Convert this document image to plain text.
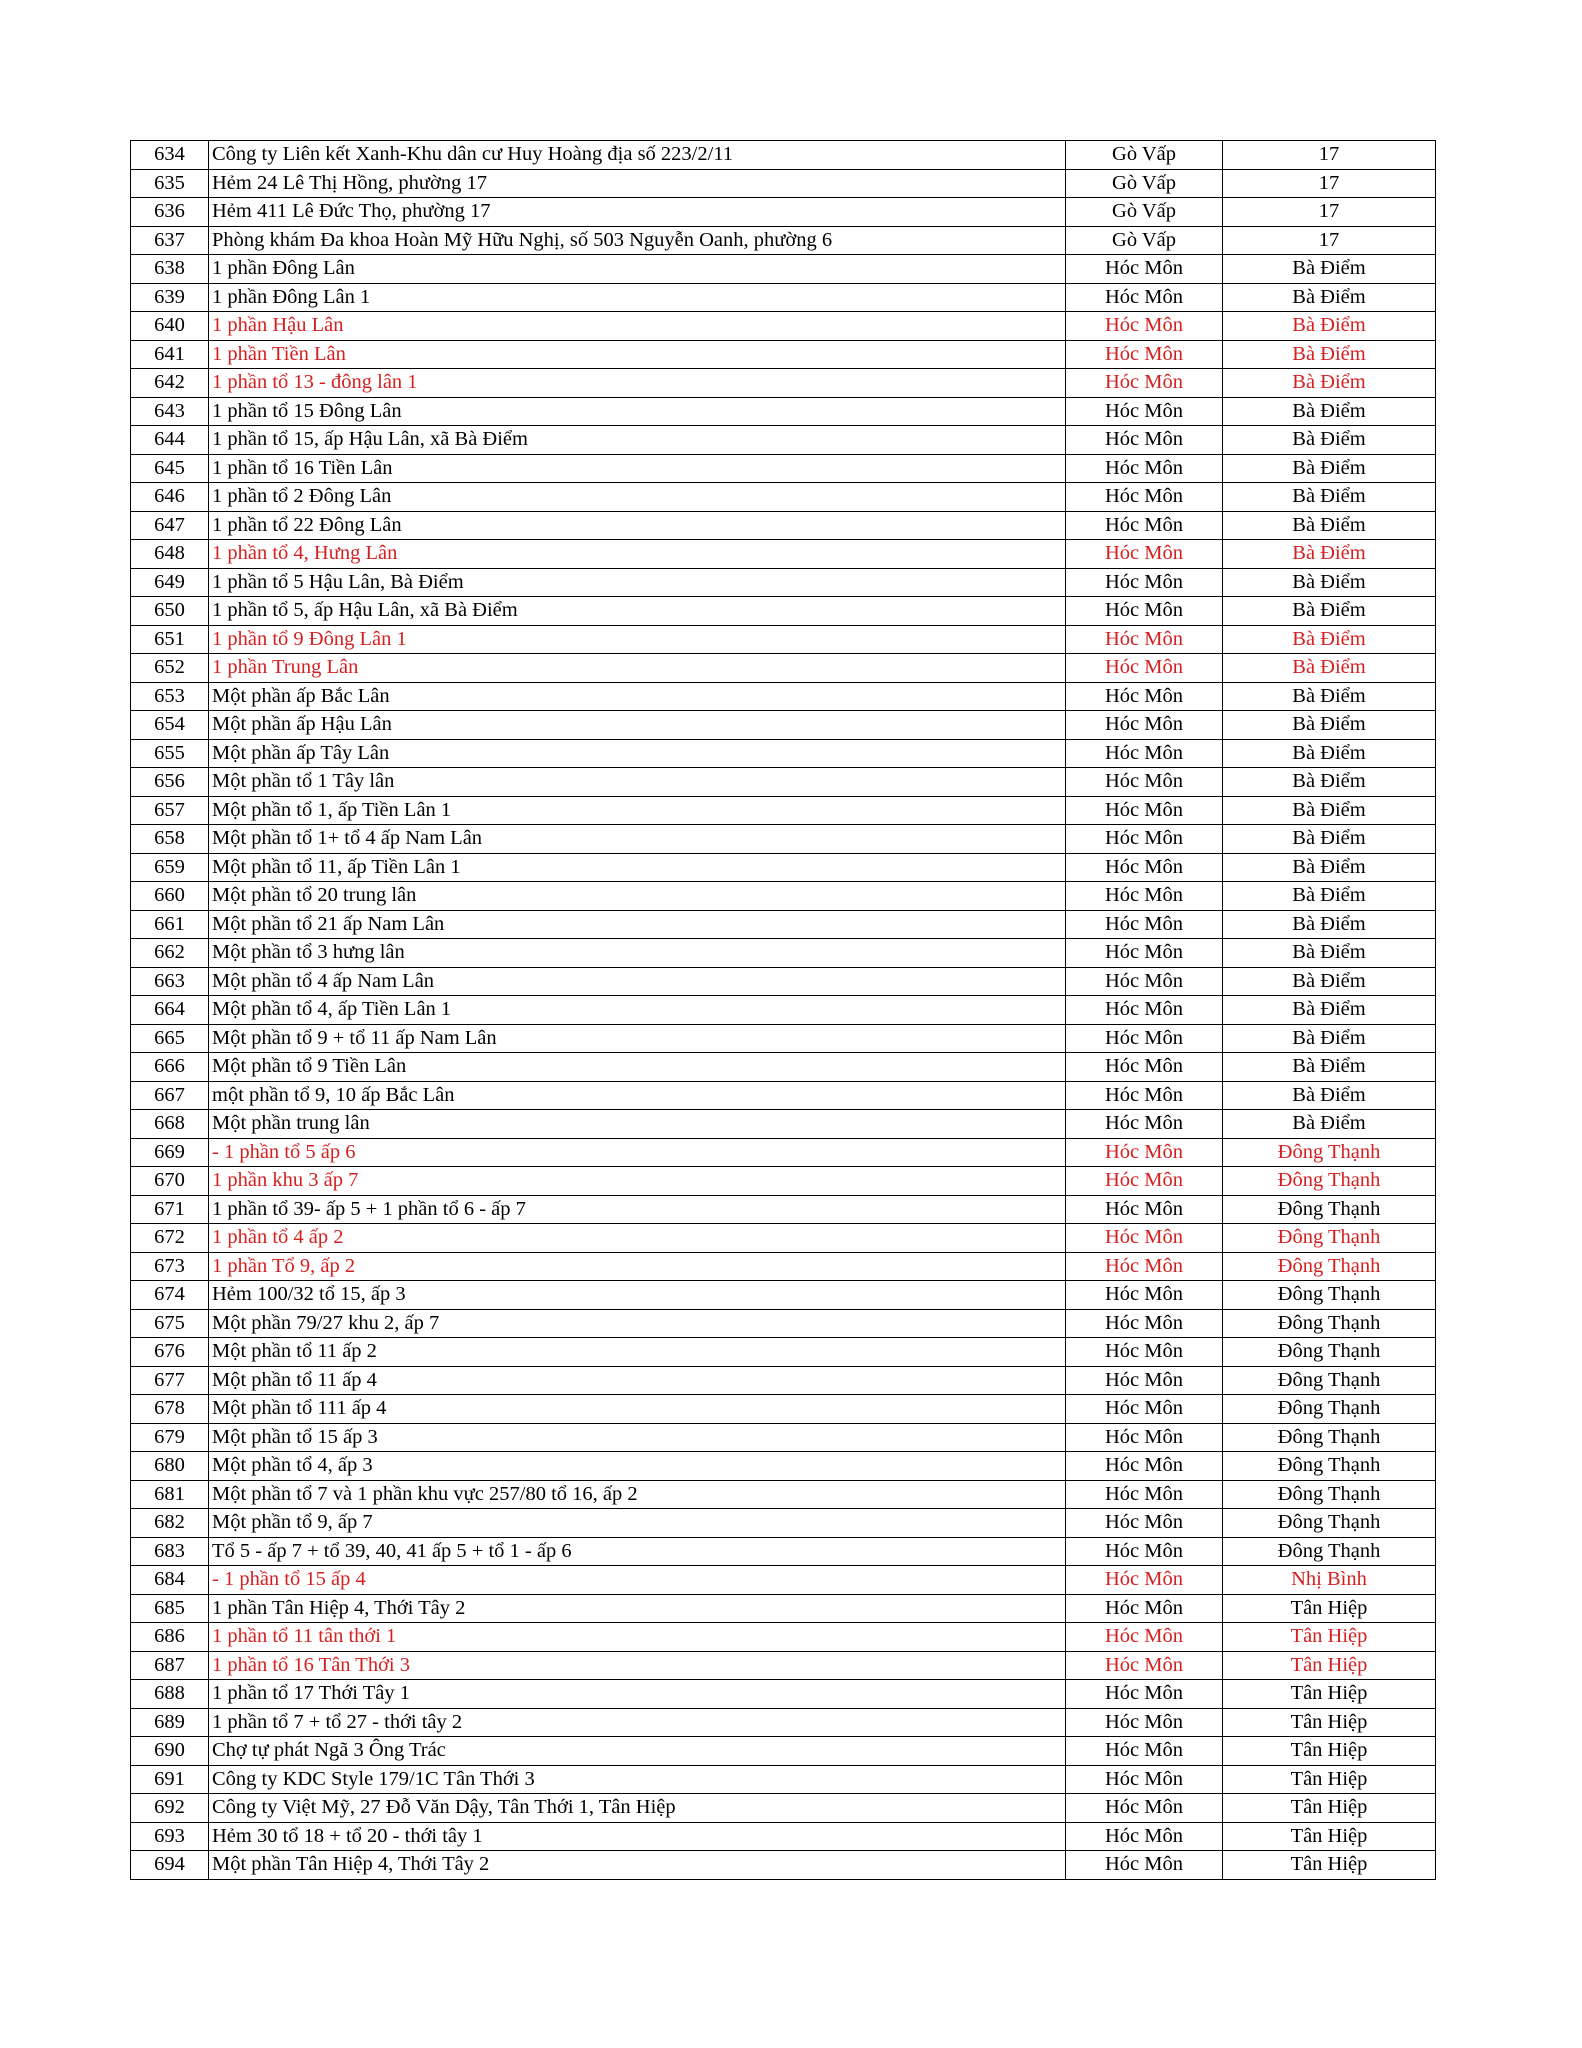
634	Công ty Liên kết Xanh-Khu dân cư Huy Hoàng địa số 223/2/11	Gò Vấp	17
635	Hẻm 24 Lê Thị Hồng, phường 17	Gò Vấp	17
636	Hẻm 411 Lê Đức Thọ, phường 17	Gò Vấp	17
637	Phòng khám Đa khoa Hoàn Mỹ Hữu Nghị, số 503 Nguyễn Oanh, phường 6	Gò Vấp	17
638	1 phần Đông Lân	Hóc Môn	Bà Điểm
639	1 phần Đông Lân 1	Hóc Môn	Bà Điểm
640	1 phần Hậu Lân	Hóc Môn	Bà Điểm
641	1 phần Tiền Lân	Hóc Môn	Bà Điểm
642	1 phần tổ 13 - đông lân 1	Hóc Môn	Bà Điểm
643	1 phần tổ 15 Đông Lân	Hóc Môn	Bà Điểm
644	1 phần tổ 15, ấp Hậu Lân, xã Bà Điểm	Hóc Môn	Bà Điểm
645	1 phần tổ 16 Tiền Lân	Hóc Môn	Bà Điểm
646	1 phần tổ 2 Đông Lân	Hóc Môn	Bà Điểm
647	1 phần tổ 22 Đông Lân	Hóc Môn	Bà Điểm
648	1 phần tổ 4, Hưng Lân	Hóc Môn	Bà Điểm
649	1 phần tổ 5 Hậu Lân, Bà Điểm	Hóc Môn	Bà Điểm
650	1 phần tổ 5, ấp Hậu Lân, xã Bà Điểm	Hóc Môn	Bà Điểm
651	1 phần tổ 9 Đông Lân 1	Hóc Môn	Bà Điểm
652	1 phần Trung Lân	Hóc Môn	Bà Điểm
653	Một phần ấp Bắc Lân	Hóc Môn	Bà Điểm
654	Một phần ấp Hậu Lân	Hóc Môn	Bà Điểm
655	Một phần ấp Tây Lân	Hóc Môn	Bà Điểm
656	Một phần tổ 1 Tây lân	Hóc Môn	Bà Điểm
657	Một phần tổ 1, ấp Tiền Lân 1	Hóc Môn	Bà Điểm
658	Một phần tổ 1+ tổ 4 ấp Nam Lân	Hóc Môn	Bà Điểm
659	Một phần tổ 11, ấp Tiền Lân 1	Hóc Môn	Bà Điểm
660	Một phần tổ 20 trung lân	Hóc Môn	Bà Điểm
661	Một phần tổ 21 ấp Nam Lân	Hóc Môn	Bà Điểm
662	Một phần tổ 3 hưng lân	Hóc Môn	Bà Điểm
663	Một phần tổ 4 ấp Nam Lân	Hóc Môn	Bà Điểm
664	Một phần tổ 4, ấp Tiền Lân 1	Hóc Môn	Bà Điểm
665	Một phần tổ 9 + tổ 11 ấp Nam Lân	Hóc Môn	Bà Điểm
666	Một phần tổ 9 Tiền Lân	Hóc Môn	Bà Điểm
667	một phần tổ 9, 10 ấp Bắc Lân	Hóc Môn	Bà Điểm
668	Một phần trung lân	Hóc Môn	Bà Điểm
669	- 1 phần tổ 5 ấp 6	Hóc Môn	Đông Thạnh
670	1 phần khu 3 ấp 7	Hóc Môn	Đông Thạnh
671	1 phần tổ 39- ấp 5 + 1 phần tổ 6 - ấp 7	Hóc Môn	Đông Thạnh
672	1 phần tổ 4 ấp 2	Hóc Môn	Đông Thạnh
673	1 phần Tổ 9, ấp 2	Hóc Môn	Đông Thạnh
674	Hẻm 100/32 tổ 15, ấp 3	Hóc Môn	Đông Thạnh
675	Một phần 79/27 khu 2, ấp 7	Hóc Môn	Đông Thạnh
676	Một phần tổ 11 ấp 2	Hóc Môn	Đông Thạnh
677	Một phần tổ 11 ấp 4	Hóc Môn	Đông Thạnh
678	Một phần tổ 111 ấp 4	Hóc Môn	Đông Thạnh
679	Một phần tổ 15 ấp 3	Hóc Môn	Đông Thạnh
680	Một phần tổ 4, ấp 3	Hóc Môn	Đông Thạnh
681	Một phần tổ 7 và 1 phần khu vực 257/80 tổ 16, ấp 2	Hóc Môn	Đông Thạnh
682	Một phần tổ 9, ấp 7	Hóc Môn	Đông Thạnh
683	Tổ 5 - ấp 7 + tổ 39, 40, 41 ấp 5 + tổ 1 - ấp 6	Hóc Môn	Đông Thạnh
684	- 1 phần tổ 15 ấp 4	Hóc Môn	Nhị Bình
685	1 phần Tân Hiệp 4, Thới Tây 2	Hóc Môn	Tân Hiệp
686	1 phần tổ 11 tân thới 1	Hóc Môn	Tân Hiệp
687	1 phần tổ 16 Tân Thới 3	Hóc Môn	Tân Hiệp
688	1 phần tổ 17 Thới Tây 1	Hóc Môn	Tân Hiệp
689	1 phần tổ 7 + tổ 27 - thới tây 2	Hóc Môn	Tân Hiệp
690	Chợ tự phát Ngã 3 Ông Trác	Hóc Môn	Tân Hiệp
691	Công ty KDC Style 179/1C Tân Thới 3	Hóc Môn	Tân Hiệp
692	Công ty Việt Mỹ, 27 Đỗ Văn Dậy, Tân Thới 1, Tân Hiệp	Hóc Môn	Tân Hiệp
693	Hẻm 30 tổ 18 + tổ 20 - thới tây 1	Hóc Môn	Tân Hiệp
694	Một phần Tân Hiệp 4, Thới Tây 2	Hóc Môn	Tân Hiệp
